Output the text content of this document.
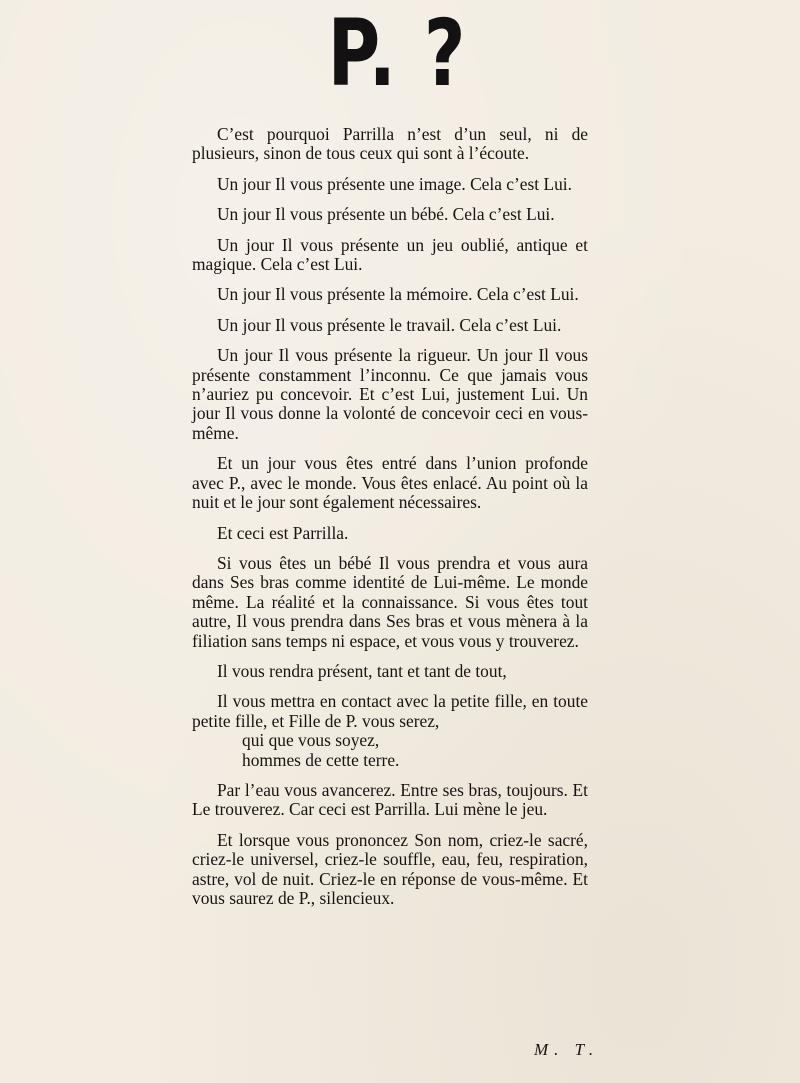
P. ?

C’est pourquoi Parrilla n’est d’un seul, ni de plusieurs, sinon de tous ceux qui sont à l’écoute.

Un jour Il vous présente une image. Cela c’est Lui.

Un jour Il vous présente un bébé. Cela c’est Lui.

Un jour Il vous présente un jeu oublié, antique et magique. Cela c’est Lui.

Un jour Il vous présente la mémoire. Cela c’est Lui.

Un jour Il vous présente le travail. Cela c’est Lui.

Un jour Il vous présente la rigueur. Un jour Il vous présente constamment l’inconnu. Ce que jamais vous n’auriez pu concevoir. Et c’est Lui, justement Lui. Un jour Il vous donne la volonté de concevoir ceci en vous-même.

Et un jour vous êtes entré dans l’union profonde avec P., avec le monde. Vous êtes enlacé. Au point où la nuit et le jour sont également nécessaires.

Et ceci est Parrilla.

Si vous êtes un bébé Il vous prendra et vous aura dans Ses bras comme identité de Lui-même. Le monde même. La réalité et la connaissance. Si vous êtes tout autre, Il vous prendra dans Ses bras et vous mènera à la filiation sans temps ni espace, et vous vous y trouverez.

Il vous rendra présent, tant et tant de tout,

Il vous mettra en contact avec la petite fille, en toute petite fille, et Fille de P. vous serez,
qui que vous soyez,
hommes de cette terre.

Par l’eau vous avancerez. Entre ses bras, toujours. Et Le trouverez. Car ceci est Parrilla. Lui mène le jeu.

Et lorsque vous prononcez Son nom, criez-le sacré, criez-le universel, criez-le souffle, eau, feu, respiration, astre, vol de nuit. Criez-le en réponse de vous-même. Et vous saurez de P., silencieux.

M. T.
